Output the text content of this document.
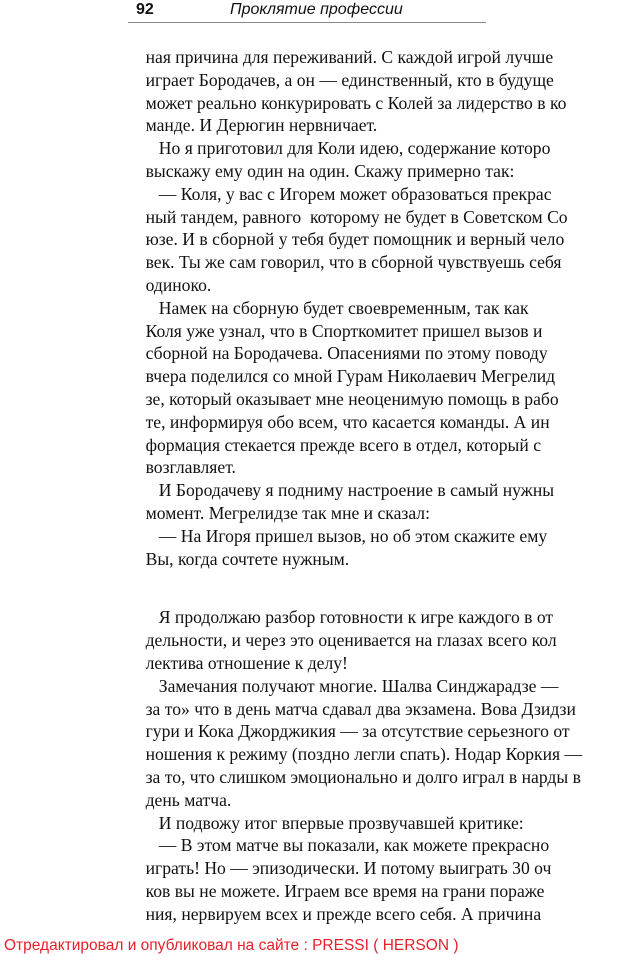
92	Проклятие профессии
ная причина для переживаний. С каждой игрой лучше
играет Бородачев, а он — единственный, кто в будуще
может реально конкурировать с Колей за лидерство в ко
манде. И Дерюгин нервничает.
Но я приготовил для Коли идею, содержание которо
выскажу ему один на один. Скажу примерно так:
— Коля, у вас с Игорем может образоваться прекрас
ный тандем, равного  которому не будет в Советском Со
юзе. И в сборной у тебя будет помощник и верный чело
век. Ты же сам говорил, что в сборной чувствуешь себя
одиноко.
Намек на сборную будет своевременным, так как
Коля уже узнал, что в Спорткомитет пришел вызов и
сборной на Бородачева. Опасениями по этому поводу
вчера поделился со мной Гурам Николаевич Мегрелид
зе, который оказывает мне неоценимую помощь в рабо
те, информируя обо всем, что касается команды. А ин
формация стекается прежде всего в отдел, который с
возглавляет.
И Бородачеву я подниму настроение в самый нужны
момент. Мегрелидзе так мне и сказал:
— На Игоря пришел вызов, но об этом скажите ему
Вы, когда сочтете нужным.
Я продолжаю разбор готовности к игре каждого в от
дельности, и через это оценивается на глазах всего кол
лектива отношение к делу!
Замечания получают многие. Шалва Синджарадзе —
за то» что в день матча сдавал два экзамена. Вова Дзидзи
гури и Кока Джорджикия — за отсутствие серьезного от
ношения к режиму (поздно легли спать). Нодар Коркия —
за то, что слишком эмоционально и долго играл в нарды в
день матча.
И подвожу итог впервые прозвучавшей критике:
— В этом матче вы показали, как можете прекрасно
играть! Но — эпизодически. И потому выиграть 30 оч
ков вы не можете. Играем все время на грани пораже
ния, нервируем всех и прежде всего себя. А причина
Отредактировал и опубликовал на сайте : PRESSI ( HERSON )
